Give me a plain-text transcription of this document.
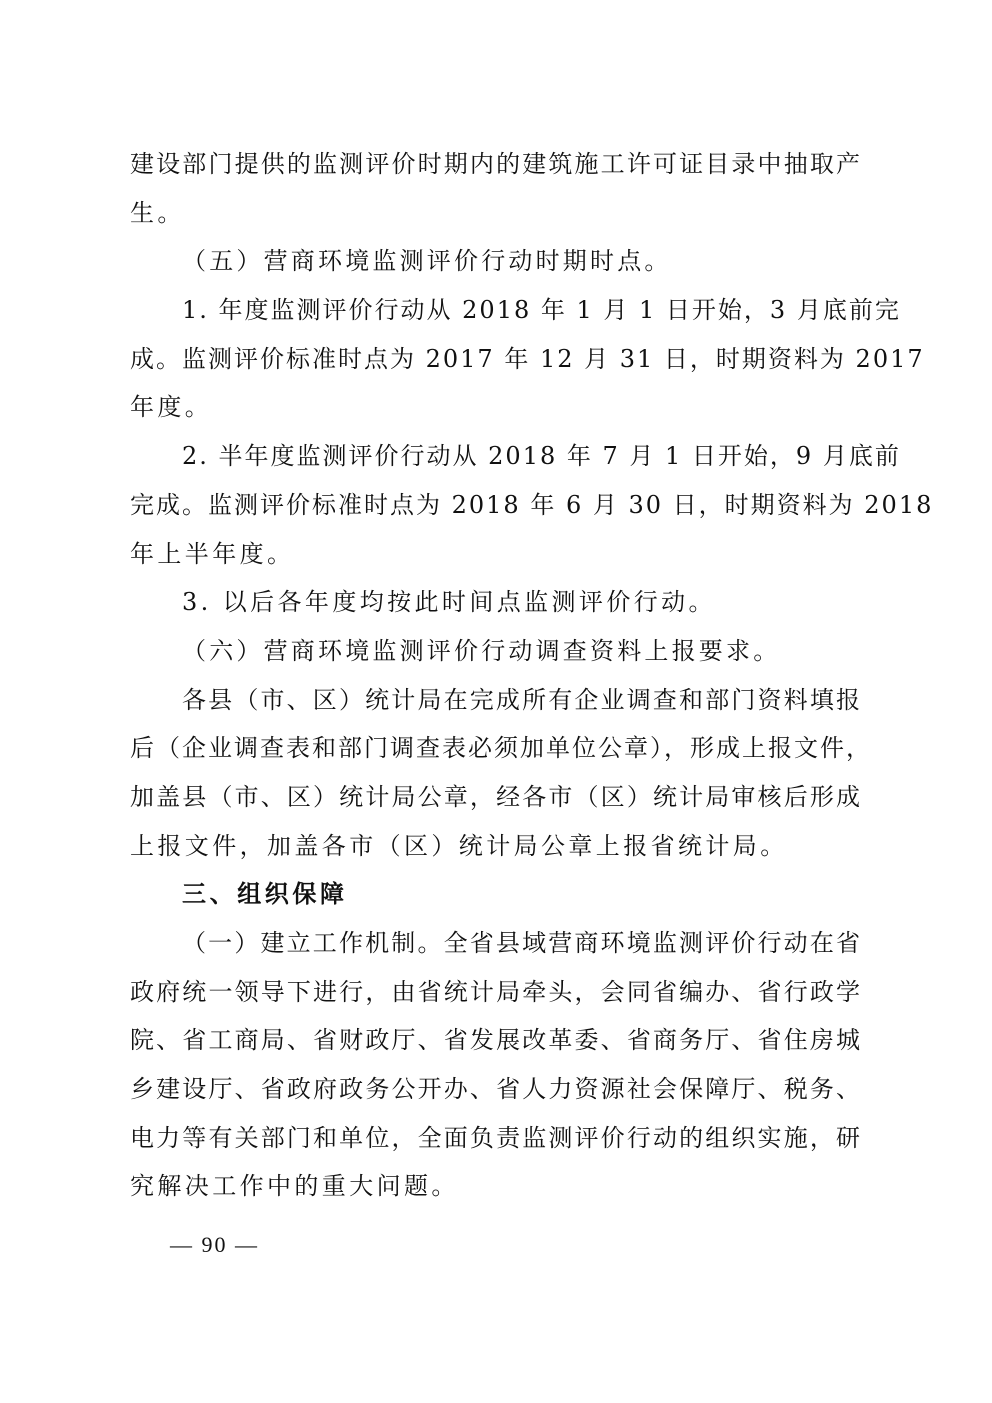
建设部门提供的监测评价时期内的建筑施工许可证目录中抽取产
生。
（五）营商环境监测评价行动时期时点。
1. 年度监测评价行动从 2018 年 1 月 1 日开始，3 月底前完
成。监测评价标准时点为 2017 年 12 月 31 日，时期资料为 2017
年度。
2. 半年度监测评价行动从 2018 年 7 月 1 日开始，9 月底前
完成。监测评价标准时点为 2018 年 6 月 30 日，时期资料为 2018
年上半年度。
3. 以后各年度均按此时间点监测评价行动。
（六）营商环境监测评价行动调查资料上报要求。
各县（市、区）统计局在完成所有企业调查和部门资料填报
后（企业调查表和部门调查表必须加单位公章），形成上报文件，
加盖县（市、区）统计局公章，经各市（区）统计局审核后形成
上报文件，加盖各市（区）统计局公章上报省统计局。
三、组织保障
（一）建立工作机制。全省县域营商环境监测评价行动在省
政府统一领导下进行，由省统计局牵头，会同省编办、省行政学
院、省工商局、省财政厅、省发展改革委、省商务厅、省住房城
乡建设厅、省政府政务公开办、省人力资源社会保障厅、税务、
电力等有关部门和单位，全面负责监测评价行动的组织实施，研
究解决工作中的重大问题。
— 90 —
